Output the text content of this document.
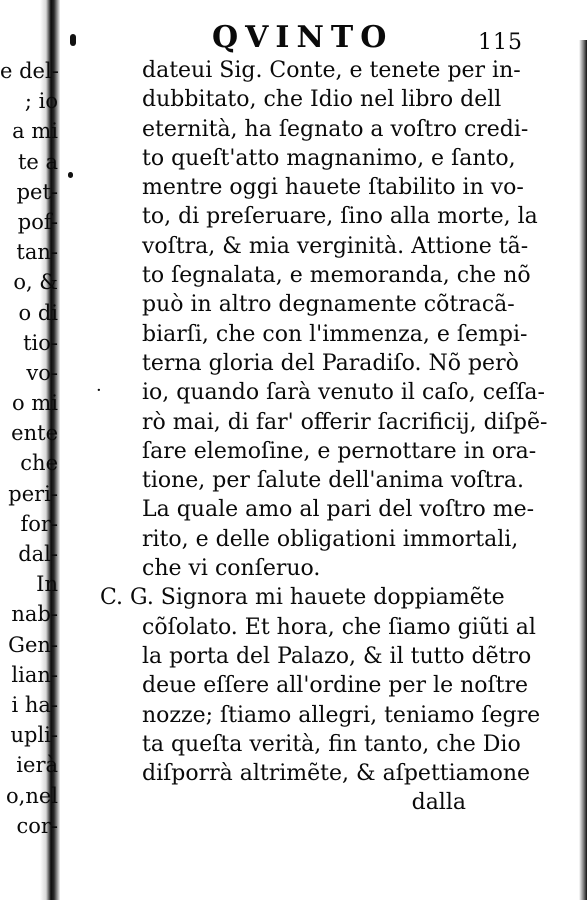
e del-
; io
a mi
te a
pet-
pof-
tan-
o, &
o di
tio-
vo-
o mi
ente
che
peri-
for-
dal-
In
nab-
Gen-
lian-
i ha-
upli-
ierà
o,nel
cor-
QVINTO	115
dateui Sig. Conte, e tenete per in-
dubbitato, che Idio nel libro dell
eternità, ha ſegnato a voſtro credi-
to queſt'atto magnanimo, e ſanto,
mentre oggi hauete ſtabilito in vo-
to, di preſeruare, ſino alla morte, la
voſtra, & mia verginità. Attione tã-
to ſegnalata, e memoranda, che nõ
può in altro degnamente cõtracã-
biarſi, che con l'immenza, e ſempi-
terna gloria del Paradiſo. Nõ però
io, quando ſarà venuto il caſo, ceſſa-
rò mai, di far' offerir ſacrificij, diſpẽ-
ſare elemoſine, e pernottare in ora-
tione, per ſalute dell'anima voſtra.
La quale amo al pari del voſtro me-
rito, e delle obligationi immortali,
che vi conſeruo.
C. G. Signora mi hauete doppiamẽte
cõſolato. Et hora, che ſiamo giũti al
la porta del Palazo, & il tutto dẽtro
deue eſſere all'ordine per le noſtre
nozze; ſtiamo allegri, teniamo ſegre
ta queſta verità, fin tanto, che Dio
diſporrà altrimẽte, & aſpettiamone
dalla
·
